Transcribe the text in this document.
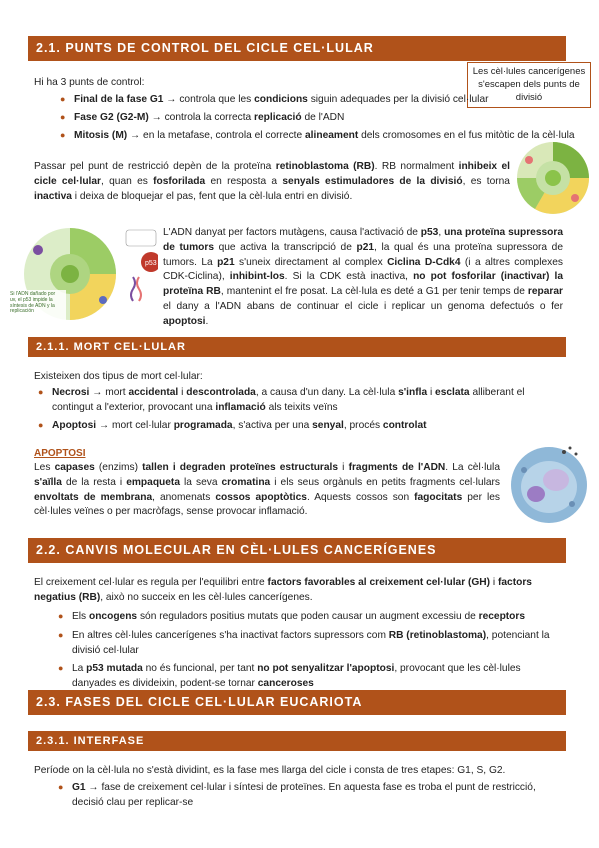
2.1. PUNTS DE CONTROL DEL CICLE CEL·LULAR
Les cèl·lules cancerígenes s'escapen dels punts de divisió

Hi ha 3 punts de control:

● Final de la fase G1 → controla que les condicions siguin adequades per la divisió cel·lular
● Fase G2 (G2-M) → controla la correcta replicació de l'ADN
● Mitosis (M) → en la metafase, controla el correcte alineament dels cromosomes en el fus mitòtic de la cèl·lula

Passar pel punt de restricció depèn de la proteïna retinoblastoma (RB). RB normalment inhibeix el cicle cel·lular, quan es fosforilada en resposta a senyals estimuladores de la divisió, es torna inactiva i deixa de bloquejar el pas, fent que la cèl·lula entri en divisió.

p53
Si l'ADN dañado por uv, el p53 impide la síntesis de ADN y la replicación

L'ADN danyat per factors mutàgens, causa l'activació de p53, una proteïna supressora de tumors que activa la transcripció de p21, la qual és una proteïna supressora de tumors. La p21 s'uneix directament al complex Ciclina D-Cdk4 (i a altres complexes CDK-Ciclina), inhibint-los. Si la CDK està inactiva, no pot fosforilar (inactivar) la proteïna RB, mantenint el fre posat. La cèl·lula es deté a G1 per tenir temps de reparar el dany a l'ADN abans de continuar el cicle i replicar un genoma defectuós o fer apoptosi.

2.1.1. MORT CEL·LULAR

Existeixen dos tipus de mort cel·lular:

● Necrosi → mort accidental i descontrolada, a causa d'un dany. La cèl·lula s'infla i esclata alliberant el contingut a l'exterior, provocant una inflamació als teixits veïns
● Apoptosi → mort cel·lular programada, s'activa per una senyal, procés controlat
APOPTOSI

Les capases (enzims) tallen i degraden proteïnes estructurals i fragments de l'ADN. La cèl·lula s'aïlla de la resta i empaqueta la seva cromatina i els seus orgànuls en petits fragments cel·lulars envoltats de membrana, anomenats cossos apoptòtics. Aquests cossos son fagocitats per les cèl·lules veïnes o per macròfags, sense provocar inflamació.

2.2. CANVIS MOLECULAR EN CÈL·LULES CANCERÍGENES

El creixement cel·lular es regula per l'equilibri entre factors favorables al creixement cel·lular (GH) i factors negatius (RB), això no succeix en les cèl·lules cancerígenes.

● Els oncogens són reguladors positius mutats que poden causar un augment excessiu de receptors
● En altres cèl·lules cancerígenes s'ha inactivat factors supressors com RB (retinoblastoma), potenciant la divisió cel·lular
● La p53 mutada no és funcional, per tant no pot senyalitzar l'apoptosi, provocant que les cèl·lules danyades es divideixin, podent-se tornar canceroses
2.3. FASES DEL CICLE CEL·LULAR EUCARIOTA
2.3.1. INTERFASE

Període on la cèl·lula no s'està dividint, es la fase mes llarga del cicle i consta de tres etapes: G1, S, G2.

● G1 → fase de creixement cel·lular i síntesi de proteïnes. En aquesta fase es troba el punt de restricció, decisió clau per replicar-se
